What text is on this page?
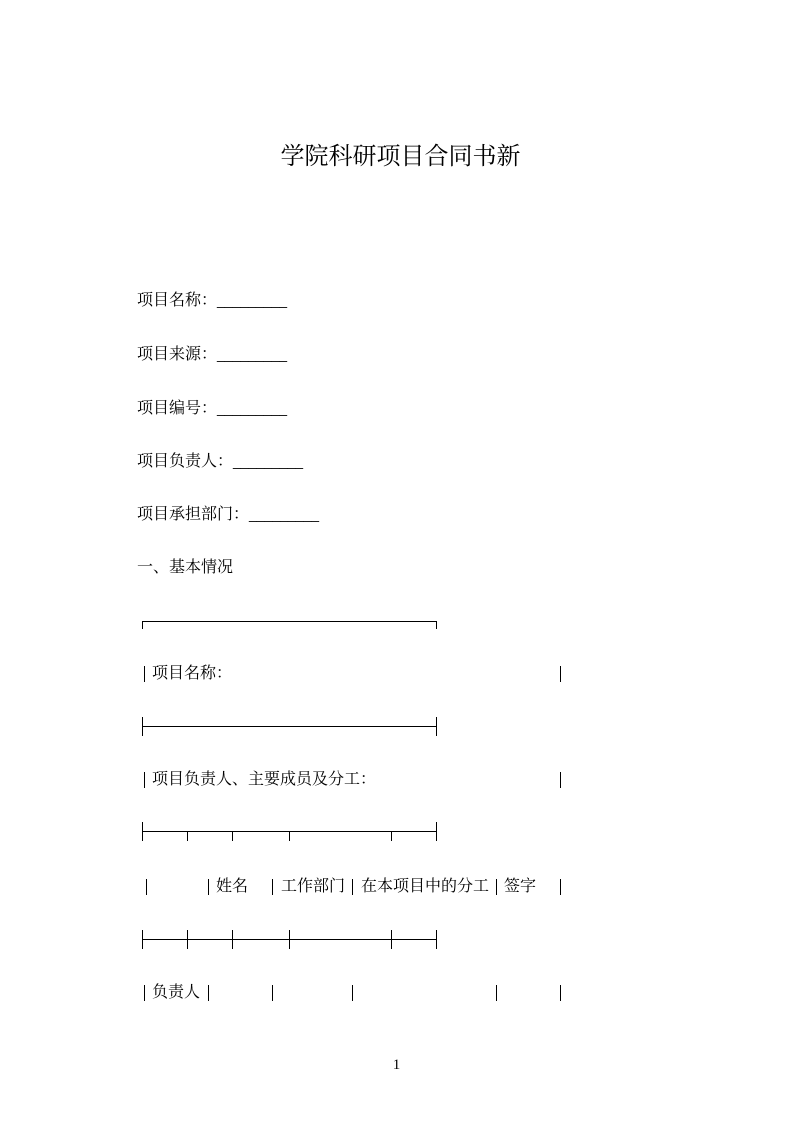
学院科研项目合同书新
项目名称：_________
项目来源：_________
项目编号：_________
项目负责人：_________
项目承担部门：_________
一、基本情况
项目名称：
项目负责人、主要成员及分工：
姓名 工作部门 在本项目中的分工 签字
负责人
1
